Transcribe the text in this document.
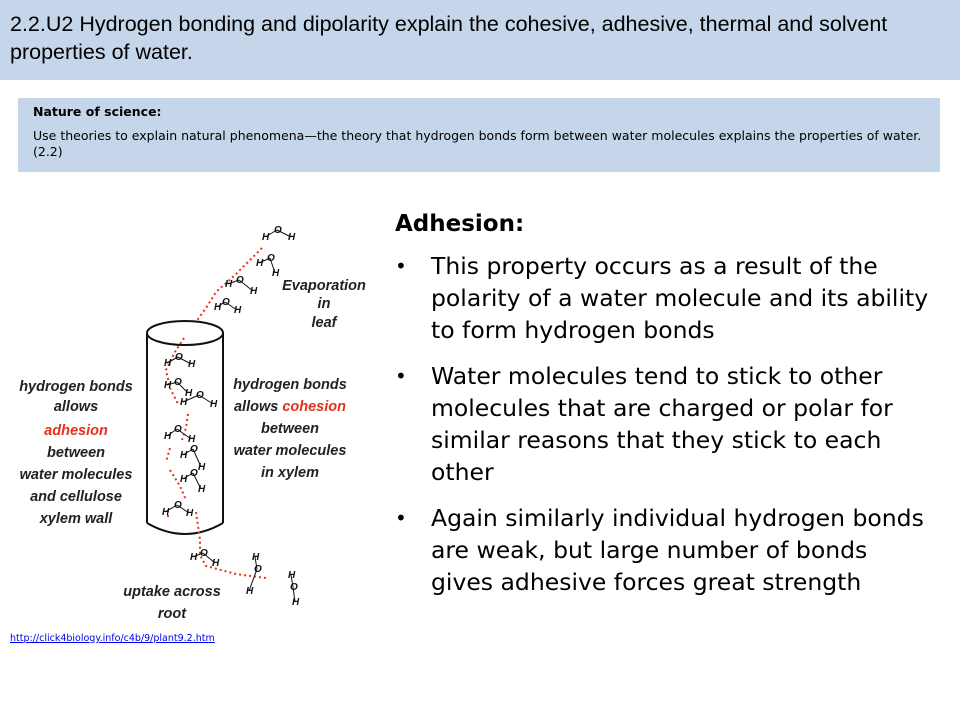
2.2.U2 Hydrogen bonding and dipolarity explain the cohesive, adhesive, thermal and solvent properties of water.
Nature of science:
Use theories to explain natural phenomena—the theory that hydrogen bonds form between water molecules explains the properties of water. (2.2)
H
O
H
H O
H
H O
H
H O
H
H
O
H
H O
H
H
O
H
H
O
H
H
O
H
H
O
H
H
O
H
H O
H
H
O
H
H
O
H
Evaporation
in
leaf
hydrogen bonds
allows
adhesion
between
water molecules
and cellulose
xylem wall
hydrogen bonds
allows cohesion
between
water molecules
in xylem
uptake across
root
http://click4biology.info/c4b/9/plant9.2.htm
Adhesion:
• This property occurs as a result of the polarity of a water molecule and its ability to form hydrogen bonds
• Water molecules tend to stick to other molecules that are charged or polar for similar reasons that they stick to each other
• Again similarly individual hydrogen bonds are weak, but large number of bonds gives adhesive forces great strength
